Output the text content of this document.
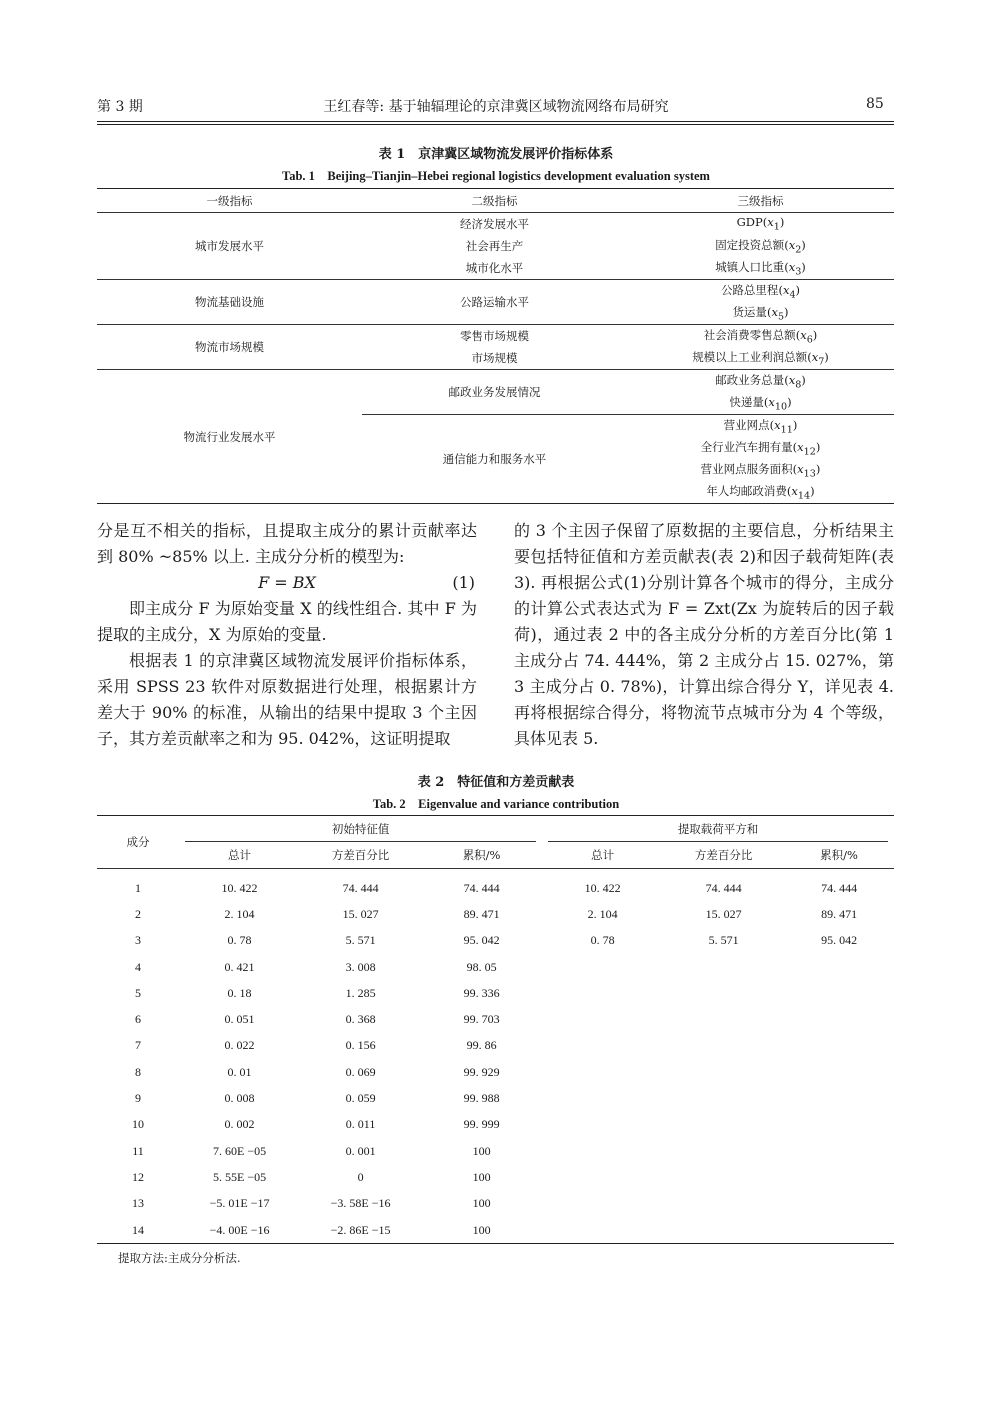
第 3 期	王红春等: 基于轴辐理论的京津冀区域物流网络布局研究	85
表 1　京津冀区域物流发展评价指标体系
Tab. 1　Beijing–Tianjin–Hebei regional logistics development evaluation system
一级指标	二级指标	三级指标
城市发展水平	经济发展水平	$GDP(x_1)$
	社会再生产	固定投资总额$(x_2)$
	城市化水平	城镇人口比重$(x_3)$
物流基础设施	公路运输水平	公路总里程$(x_4)$
		货运量$(x_5)$
物流市场规模	零售市场规模	社会消费零售总额$(x_6)$
	市场规模	规模以上工业利润总额$(x_7)$
物流行业发展水平	邮政业务发展情况	邮政业务总量$(x_8)$
		快递量$(x_{10})$
	通信能力和服务水平	营业网点$(x_{11})$
		全行业汽车拥有量$(x_{12})$
		营业网点服务面积$(x_{13})$
		年人均邮政消费$(x_{14})$

分是互不相关的指标，且提取主成分的累计贡献率达到 80% ~85% 以上. 主成分分析的模型为:

F = BX	(1)

即主成分 F 为原始变量 X 的线性组合. 其中 F 为提取的主成分，X 为原始的变量.

根据表 1 的京津冀区域物流发展评价指标体系，采用 SPSS 23 软件对原数据进行处理，根据累计方差大于 90% 的标准，从输出的结果中提取 3 个主因子，其方差贡献率之和为 95. 042%，这证明提取

的 3 个主因子保留了原数据的主要信息，分析结果主要包括特征值和方差贡献表(表 2)和因子载荷矩阵(表 3). 再根据公式(1)分别计算各个城市的得分，主成分的计算公式表达式为 F = Zxt(Zx 为旋转后的因子载荷)，通过表 2 中的各主成分分析的方差百分比(第 1 主成分占 74. 444%，第 2 主成分占 15. 027%，第 3 主成分占 0. 78%)，计算出综合得分 Y，详见表 4. 再将根据综合得分，将物流节点城市分为 4 个等级，具体见表 5.

表 2　特征值和方差贡献表
Tab. 2　Eigenvalue and variance contribution
成分	初始特征值			提取载荷平方和		

	总计	方差百分比	累积/%	总计	方差百分比	累积/%
1	10. 422	74. 444	74. 444	10. 422	74. 444	74. 444
2	2. 104	15. 027	89. 471	2. 104	15. 027	89. 471
3	0. 78	5. 571	95. 042	0. 78	5. 571	95. 042
4	0. 421	3. 008	98. 05			
5	0. 18	1. 285	99. 336			
6	0. 051	0. 368	99. 703			
7	0. 022	0. 156	99. 86			
8	0. 01	0. 069	99. 929			
9	0. 008	0. 059	99. 988			
10	0. 002	0. 011	99. 999			
11	7. 60E −05	0. 001	100			
12	5. 55E −05	0	100			
13	−5. 01E −17	−3. 58E −16	100			
14	−4. 00E −16	−2. 86E −15	100			
提取方法:主成分分析法.
